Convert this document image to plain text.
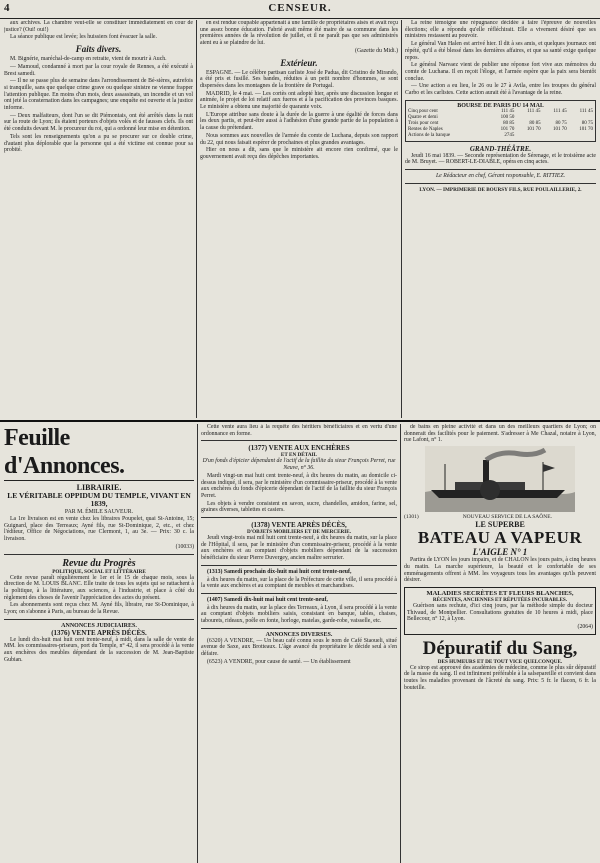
4	CENSEUR.

aux archives. La chambre veut-elle se constituer immédiatement en cour de justice? (Oui! oui!)

La séance publique est levée; les huissiers font évacuer la salle.

Faits divers.

M. Bignérie, maréchal-de-camp en retraite, vient de mourir à Auch.

— Mamoud, condamné à mort par la cour royale de Rennes, a été exécuté à Brest samedi.

— Il ne se passe plus de semaine dans l'arrondissement de Bé-sières, autrefois si tranquille, sans que quelque crime grave ou quelque sinistre ne vienne frapper l'attention publique. En moins d'un mois, deux assassinats, un incendie et un vol ont jeté la consternation dans les campagnes; une enquête est ouverte et la justice informe.

— Deux malfaiteurs, dont l'un se dit Piémontais, ont été arrêtés dans la nuit sur la route de Lyon; ils étaient porteurs d'objets volés et de fausses clefs. Ils ont été conduits devant M. le procureur du roi, qui a ordonné leur mise en détention.

Tels sont les renseignements qu'on a pu se procurer sur ce double crime, d'autant plus déplorable que la personne qui a été victime est connue pour sa probité.

en est rendue coupable appartenait à une famille de propriétaires aisés et avait reçu une assez bonne éducation. Fabrié avait même été maire de sa commune dans les premières années de la révolution de juillet, et il ne paraît pas que ses administrés aient eu à se plaindre de lui.

(Gazette du Midi.)

Extérieur.

ESPAGNE. — Le célèbre partisan carliste José de Padua, dit Cristino de Mirando, a été pris et fusillé. Ses bandes, réduites à un petit nombre d'hommes, se sont dispersées dans les montagnes de la frontière de Portugal.

MADRID, le 4 mai. — Les cortès ont adopté hier, après une discussion longue et animée, le projet de loi relatif aux fueros et à la pacification des provinces basques. Le ministère a obtenu une majorité de quarante voix.

L'Europe attribue sans doute à la durée de la guerre à une égalité de forces dans les deux partis, et peut-être aussi à l'adhésion d'une grande partie de la population à la cause du prétendant.

Nous sommes aux nouvelles de l'armée du comte de Luchana, depuis son rapport du 22, qui nous faisait espérer de prochaines et plus grandes avantages.

Hier on nous a dit, sans que le ministère ait encore rien confirmé, que le gouvernement avait reçu des dépêches importantes.

La reine témoigne une répugnance décidée à faire l'épreuve de nouvelles élections; elle a répondu qu'elle réfléchirait. Elle a vivement désiré que ses ministres restassent au pouvoir.

Le général Van Halen est arrivé hier. Il dit à ses amis, et quelques journaux ont répété, qu'il a été blessé dans les dernières affaires, et que sa santé exige quelque repos.

Le général Narvaez vient de publier une réponse fort vive aux mémoires du comte de Luchana. Il en reçoit l'éloge, et l'armée espère que la paix sera bientôt conclue.

— Une action a eu lieu, le 26 ou le 27 à Avila, entre les troupes du général Carbo et les carlistes. Cette action aurait été à l'avantage de la reine.

BOURSE DE PARIS DU 14 MAI.
Cinq pour cent	111 45	111 45	111 45	111 45
Quatre et demi	100 50			
Trois pour cent	80 85	80 85	80 75	80 75
Rentes de Naples	101 70	101 70	101 70	101 70
Actions de la banque	2745			
GRAND-THÉÂTRE.

Jeudi 16 mai 1839. — Seconde représentation de Sérenage, et le troisième acte de M. Bruyet. — ROBERT-LE-DIABLE, opéra en cinq actes.

Le Rédacteur en chef, Gérant responsable, E. RITTIEZ.

LYON. — IMPRIMERIE DE BOURSY FILS, RUE POULAILLERIE, 2.

Feuille d'Annonces.
LIBRAIRIE.
LE VÉRITABLE OPPIDUM DU TEMPLE, VIVANT EN 1839,
PAR M. ÉMILE SAUVEUR.

La 1re livraison est en vente chez les libraires Poupelet, quai St-Antoine, 15; Guignard, place des Terreaux; Ayné fils, rue St-Dominique, 2, etc., et chez l'éditeur, Office de Négociations, rue Clermont, 1, au 3e. — Prix: 30 c. la livraison.

(10033)

Revue du Progrès
POLITIQUE, SOCIAL ET LITTÉRAIRE

Cette revue paraît régulièrement le 1er et le 15 de chaque mois, sous la direction de M. LOUIS BLANC. Elle traite de tous les sujets qui se rattachent à la politique, à la littérature, aux sciences, à l'industrie, et place à côté du règlement des choses de l'avenir l'appréciation des actes du présent.

Les abonnements sont reçus chez M. Ayné fils, libraire, rue St-Dominique, à Lyon; on s'abonne à Paris, au bureau de la Revue.

ANNONCES JUDICIAIRES.
(1376) VENTE APRÈS DÉCÈS.

Le lundi dix-huit mai huit cent trente-neuf, à midi, dans la salle de vente de MM. les commissaires-priseurs, port du Temple, n° 42, il sera procédé à la vente aux enchères des meubles dépendant de la succession de M. Jean-Baptiste Gubian.

Cette vente aura lieu à la requête des héritiers bénéficiaires et en vertu d'une ordonnance en forme.

(1377) VENTE AUX ENCHÈRES
ET EN DÉTAIL

D'un fonds d'épicier dépendant de l'actif de la faillite du sieur François Perret, rue Neuve, n° 36.

Mardi vingt-un mai huit cent trente-neuf, à dix heures du matin, au domicile ci-dessus indiqué, il sera, par le ministère d'un commissaire-priseur, procédé à la vente aux enchères du fonds d'épicerie dépendant de l'actif de la faillite du sieur François Perret.

Les objets à vendre consistent en savon, sucre, chandelles, amidon, farine, sel, graines diverses, tablettes et casiers.

(1378) VENTE APRÈS DÉCÈS,
D'OBJETS MOBILIERS ET DE MERCERIE.

Jeudi vingt-trois mai mil huit cent trente-neuf, à dix heures du matin, sur la place de l'Hôpital, il sera, par le ministère d'un commissaire-priseur, procédé à la vente aux enchères et au comptant d'objets mobiliers dépendant de la succession bénéficiaire du sieur Pierre Duvergey, ancien maître serrurier.

(1313) Samedi prochain dix-huit mai huit cent trente-neuf,

à dix heures du matin, sur la place de la Préfecture de cette ville, il sera procédé à la vente aux enchères et au comptant de meubles et marchandises.

(1407) Samedi dix-huit mai huit cent trente-neuf,

à dix heures du matin, sur la place des Terreaux, à Lyon, il sera procédé à la vente au comptant d'objets mobiliers saisis, consistant en banque, tables, chaises, tabourets, rideaux, poêle en fonte, horloge, matelas, garde-robe, vaisselle, etc.

ANNONCES DIVERSES.

(6320) A VENDRE, — Un beau café connu sous le nom de Café Staoueli, situé avenue de Saxe, aux Brotteaux. L'âge avancé du propriétaire le décide seul à s'en défaire.

(6523) A VENDRE, pour cause de santé. — Un établissement

de bains en pleine activité et dans un des meilleurs quartiers de Lyon; on donnerait des facilités pour le paiement. S'adresser à Me Chazal, notaire à Lyon, rue Lafont, n° 1.

(1301)	NOUVEAU SERVICE DE LA SAÔNE.
LE SUPERBE
BATEAU A VAPEUR
L'AIGLE N° 1

Partira de LYON les jours impairs, et de CHALON les jours pairs, à cinq heures du matin. La marche supérieure, la beauté et le confortable de ses emménagements offrent à MM. les voyageurs tous les avantages qu'ils peuvent désirer.

MALADIES SECRÈTES ET FLEURS BLANCHES,
RÉCENTES, ANCIENNES ET RÉPUTÉES INCURABLES.

Guérison sans rechute, d'ici cinq jours, par la méthode simple du docteur Thivaud, de Montpellier. Consultations gratuites de 10 heures à midi, place Bellecour, n° 12, à Lyon.

(2064)

Dépuratif du Sang,
DES HUMEURS ET DE TOUT VICE QUELCONQUE.

Ce sirop est approuvé des académies de médecine, comme le plus sûr dépuratif de la masse du sang. Il est infiniment préférable à la salsepareille et convient dans toutes les maladies provenant de l'âcreté du sang. Prix: 5 fr. le flacon, 6 fr. la bouteille.
